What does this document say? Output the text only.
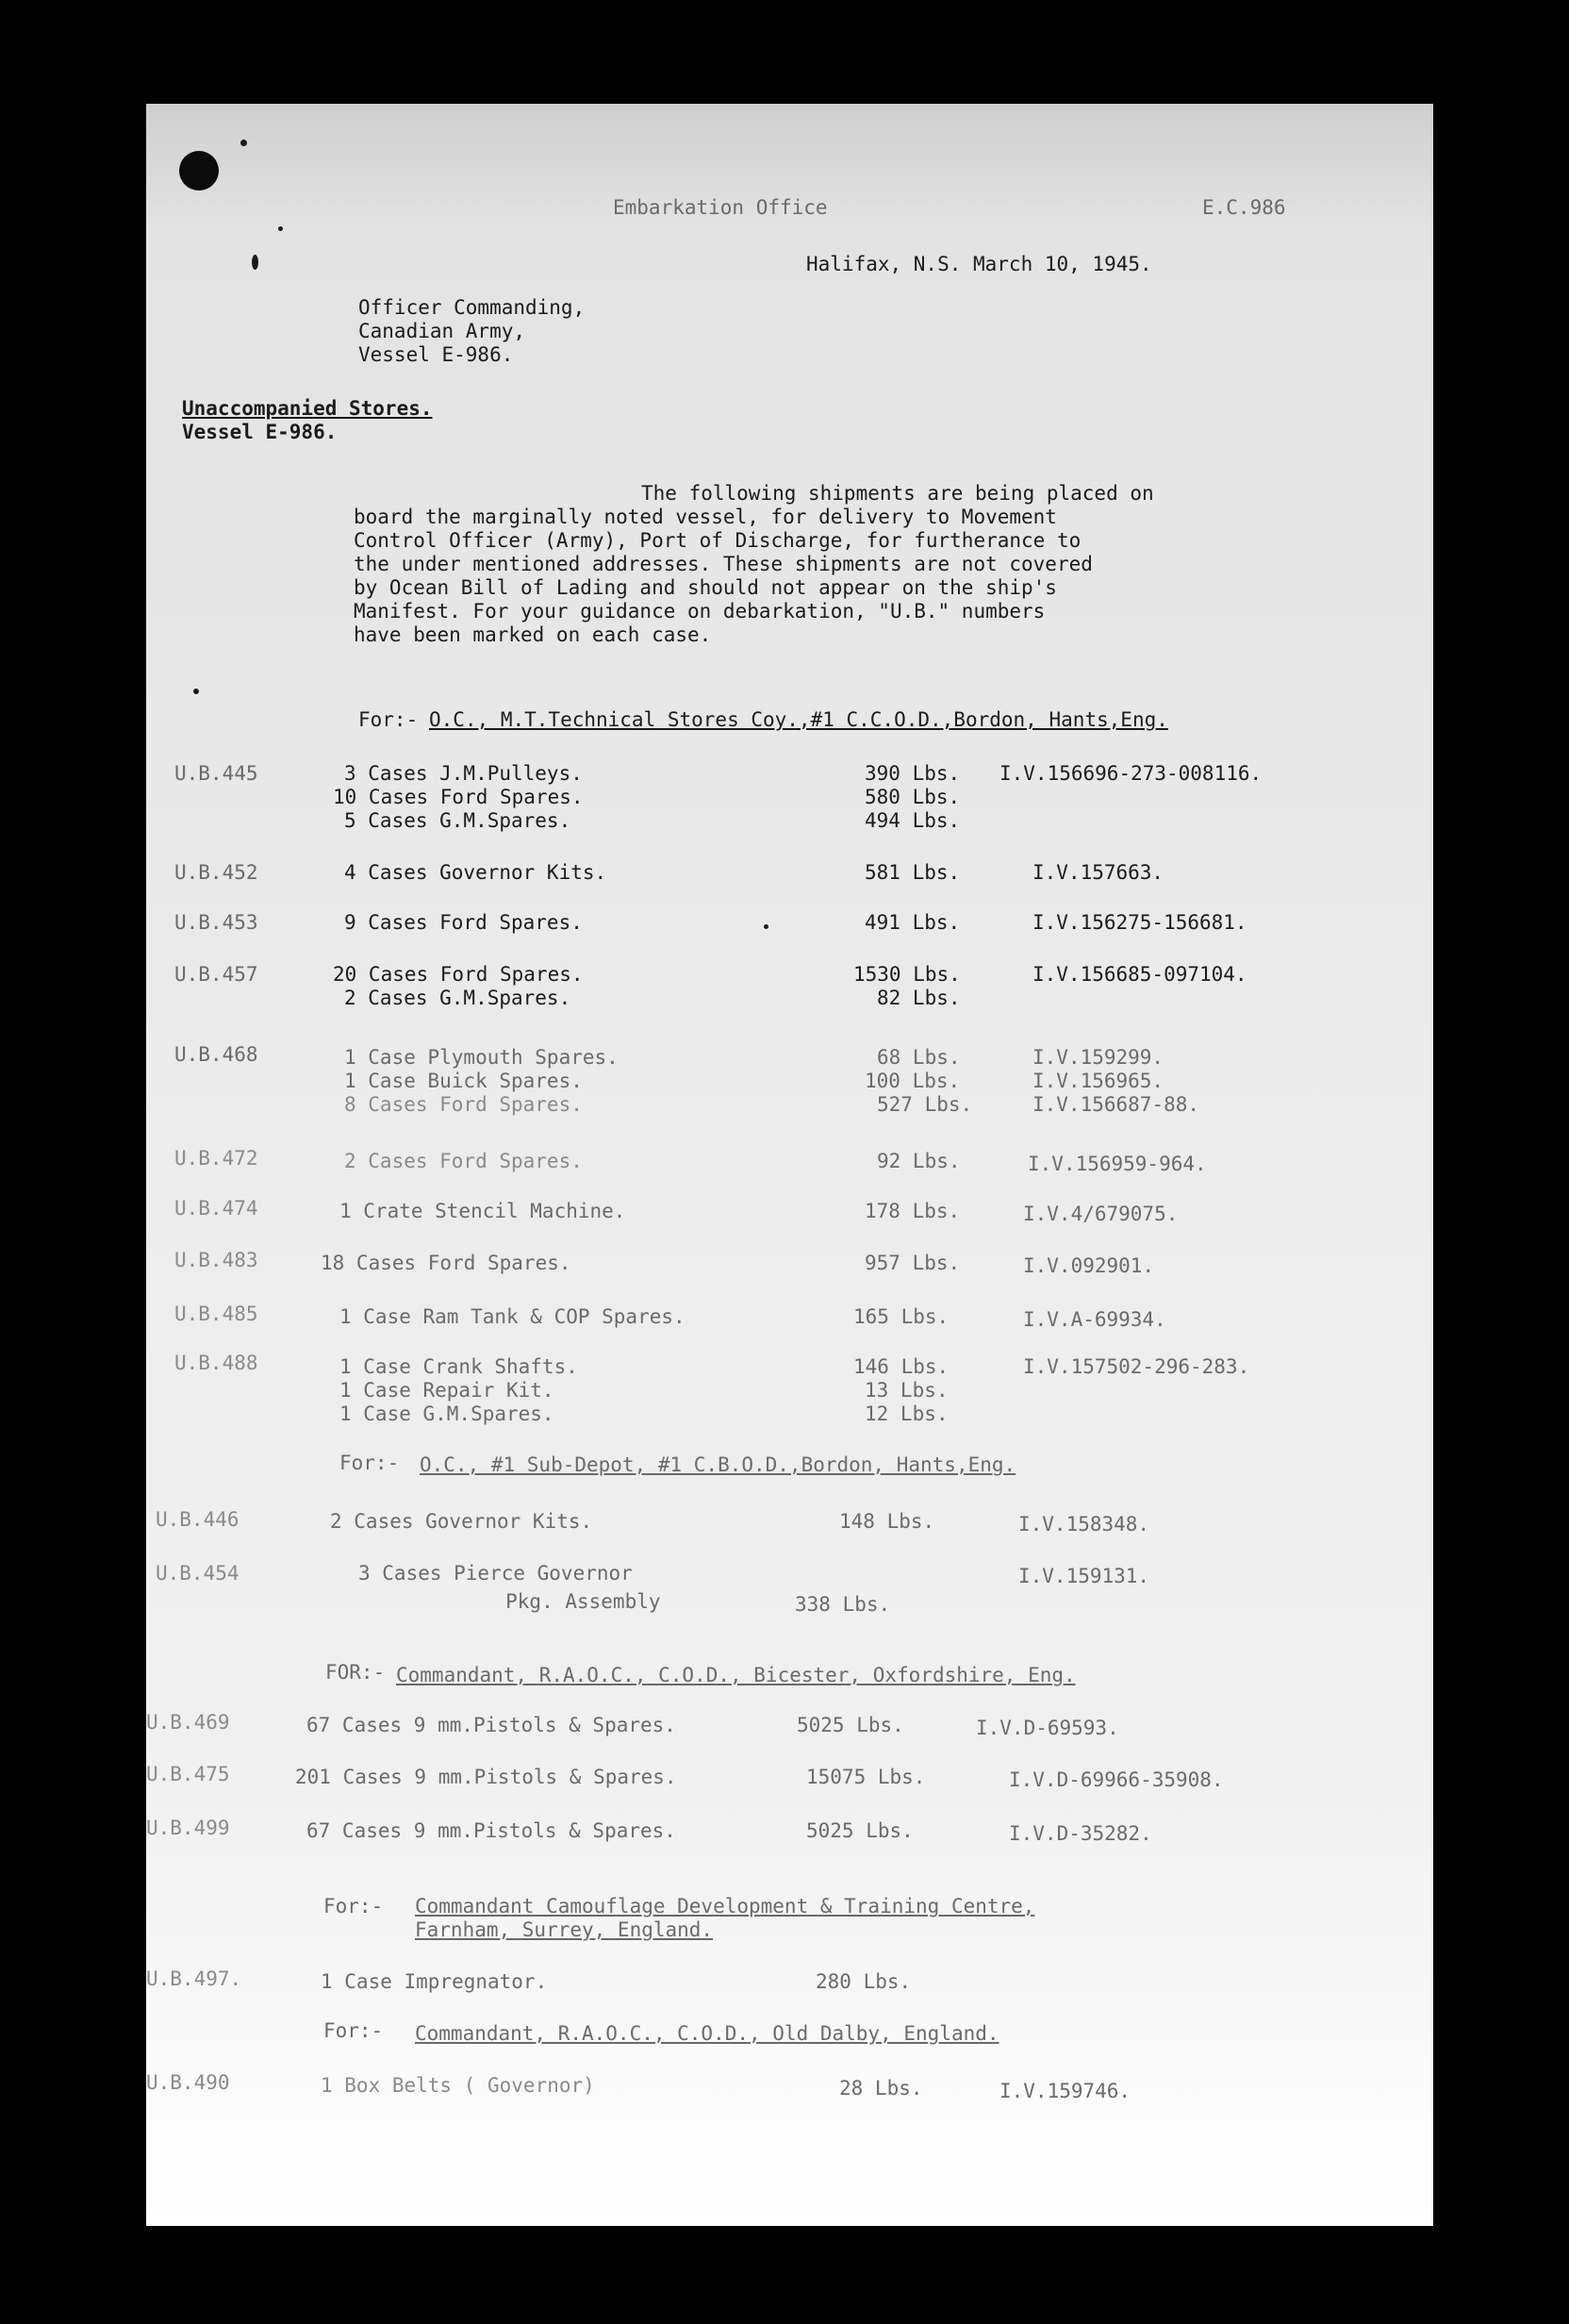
Embarkation Office	E.C.986
Halifax, N.S. March 10, 1945.
Officer Commanding,
Canadian Army,
Vessel E-986.
Unaccompanied Stores.
Vessel E-986.
The following shipments are being placed on
board the marginally noted vessel, for delivery to Movement
Control Officer (Army), Port of Discharge, for furtherance to
the under mentioned addresses. These shipments are not covered
by Ocean Bill of Lading and should not appear on the ship's
Manifest. For your guidance on debarkation, "U.B." numbers
have been marked on each case.
For:- O.C., M.T.Technical Stores Coy.,#1 C.C.O.D.,Bordon, Hants,Eng.
U.B.445	3 Cases J.M.Pulleys.	390 Lbs. I.V.156696-273-008116.
10 Cases Ford Spares.	580 Lbs.
5 Cases G.M.Spares.	494 Lbs.
U.B.452	4 Cases Governor Kits.	581 Lbs.	I.V.157663.
U.B.453	9 Cases Ford Spares.	491 Lbs.	I.V.156275-156681.
U.B.457	20 Cases Ford Spares.	1530 Lbs.	I.V.156685-097104.
2 Cases G.M.Spares.	82 Lbs.
U.B.468	1 Case Plymouth Spares.	68 Lbs.	I.V.159299.
1 Case Buick Spares.	100 Lbs.	I.V.156965.
8 Cases Ford Spares.	527 Lbs.	I.V.156687-88.
U.B.472	2 Cases Ford Spares.	92 Lbs.	I.V.156959-964.
U.B.474	1 Crate Stencil Machine.	178 Lbs.	I.V.4/679075.
U.B.483	18 Cases Ford Spares.	957 Lbs.	I.V.092901.
U.B.485	1 Case Ram Tank & COP Spares.	165 Lbs.	I.V.A-69934.
U.B.488	1 Case Crank Shafts.	146 Lbs.	I.V.157502-296-283.
1 Case Repair Kit.	13 Lbs.
1 Case G.M.Spares.	12 Lbs.
For:- O.C., #1 Sub-Depot, #1 C.B.O.D.,Bordon, Hants,Eng.
U.B.446	2 Cases Governor Kits.	148 Lbs.	I.V.158348.
U.B.454	3 Cases Pierce Governor	I.V.159131.
Pkg. Assembly	338 Lbs.
FOR:- Commandant, R.A.O.C., C.O.D., Bicester, Oxfordshire, Eng.
U.B.469	67 Cases 9 mm.Pistols & Spares.	5025 Lbs.	I.V.D-69593.
U.B.475	201 Cases 9 mm.Pistols & Spares.	15075 Lbs.	I.V.D-69966-35908.
U.B.499	67 Cases 9 mm.Pistols & Spares.	5025 Lbs.	I.V.D-35282.
For:- Commandant Camouflage Development & Training Centre,
Farnham, Surrey, England.
U.B.497.	1 Case Impregnator.	280 Lbs.
For:- Commandant, R.A.O.C., C.O.D., Old Dalby, England.
U.B.490	1 Box Belts ( Governor)	28 Lbs.	I.V.159746.
